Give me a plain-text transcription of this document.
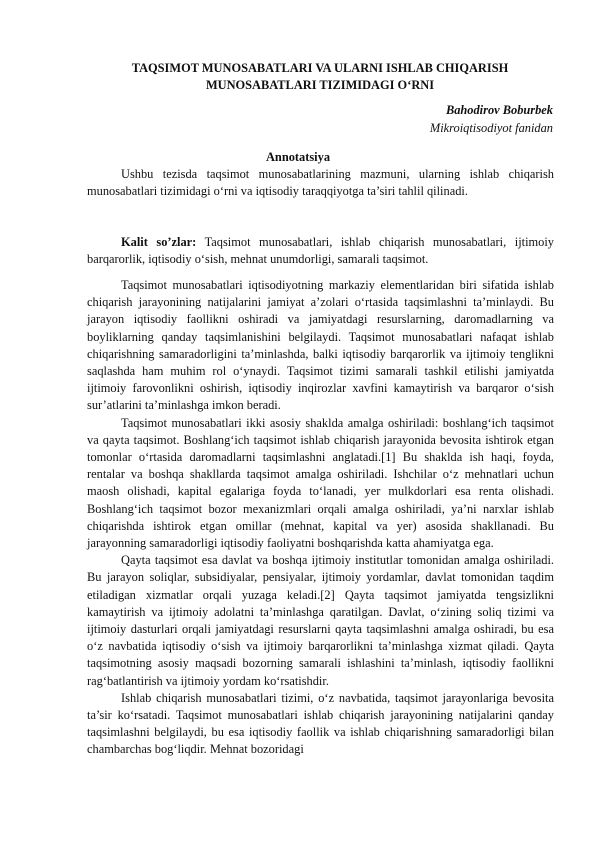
TAQSIMOT MUNOSABATLARI VA ULARNI ISHLAB CHIQARISH MUNOSABATLARI TIZIMIDAGI O‘RNI
Bahodirov Boburbek
Mikroiqtisodiyot fanidan
Annotatsiya

Ushbu tezisda taqsimot munosabatlarining mazmuni, ularning ishlab chiqarish munosabatlari tizimidagi o‘rni va iqtisodiy taraqqiyotga ta’siri tahlil qilinadi.

Kalit so’zlar: Taqsimot munosabatlari, ishlab chiqarish munosabatlari, ijtimoiy barqarorlik, iqtisodiy o‘sish, mehnat unumdorligi, samarali taqsimot.

Taqsimot munosabatlari iqtisodiyotning markaziy elementlaridan biri sifatida ishlab chiqarish jarayonining natijalarini jamiyat a’zolari o‘rtasida taqsimlashni ta’minlaydi. Bu jarayon iqtisodiy faollikni oshiradi va jamiyatdagi resurslarning, daromadlarning va boyliklarning qanday taqsimlanishini belgilaydi. Taqsimot munosabatlari nafaqat ishlab chiqarishning samaradorligini ta’minlashda, balki iqtisodiy barqarorlik va ijtimoiy tenglikni saqlashda ham muhim rol o‘ynaydi. Taqsimot tizimi samarali tashkil etilishi jamiyatda ijtimoiy farovonlikni oshirish, iqtisodiy inqirozlar xavfini kamaytirish va barqaror o‘sish sur’atlarini ta’minlashga imkon beradi.

Taqsimot munosabatlari ikki asosiy shaklda amalga oshiriladi: boshlang‘ich taqsimot va qayta taqsimot. Boshlang‘ich taqsimot ishlab chiqarish jarayonida bevosita ishtirok etgan tomonlar o‘rtasida daromadlarni taqsimlashni anglatadi.[1] Bu shaklda ish haqi, foyda, rentalar va boshqa shakllarda taqsimot amalga oshiriladi. Ishchilar o‘z mehnatlari uchun maosh olishadi, kapital egalariga foyda to‘lanadi, yer mulkdorlari esa renta olishadi. Boshlang‘ich taqsimot bozor mexanizmlari orqali amalga oshiriladi, ya’ni narxlar ishlab chiqarishda ishtirok etgan omillar (mehnat, kapital va yer) asosida shakllanadi. Bu jarayonning samaradorligi iqtisodiy faoliyatni boshqarishda katta ahamiyatga ega.

Qayta taqsimot esa davlat va boshqa ijtimoiy institutlar tomonidan amalga oshiriladi. Bu jarayon soliqlar, subsidiyalar, pensiyalar, ijtimoiy yordamlar, davlat tomonidan taqdim etiladigan xizmatlar orqali yuzaga keladi.[2] Qayta taqsimot jamiyatda tengsizlikni kamaytirish va ijtimoiy adolatni ta’minlashga qaratilgan. Davlat, o‘zining soliq tizimi va ijtimoiy dasturlari orqali jamiyatdagi resurslarni qayta taqsimlashni amalga oshiradi, bu esa o‘z navbatida iqtisodiy o‘sish va ijtimoiy barqarorlikni ta’minlashga xizmat qiladi. Qayta taqsimotning asosiy maqsadi bozorning samarali ishlashini ta’minlash, iqtisodiy faollikni rag‘batlantirish va ijtimoiy yordam ko‘rsatishdir.

Ishlab chiqarish munosabatlari tizimi, o‘z navbatida, taqsimot jarayonlariga bevosita ta’sir ko‘rsatadi. Taqsimot munosabatlari ishlab chiqarish jarayonining natijalarini qanday taqsimlashni belgilaydi, bu esa iqtisodiy faollik va ishlab chiqarishning samaradorligi bilan chambarchas bog‘liqdir. Mehnat bozoridagi
